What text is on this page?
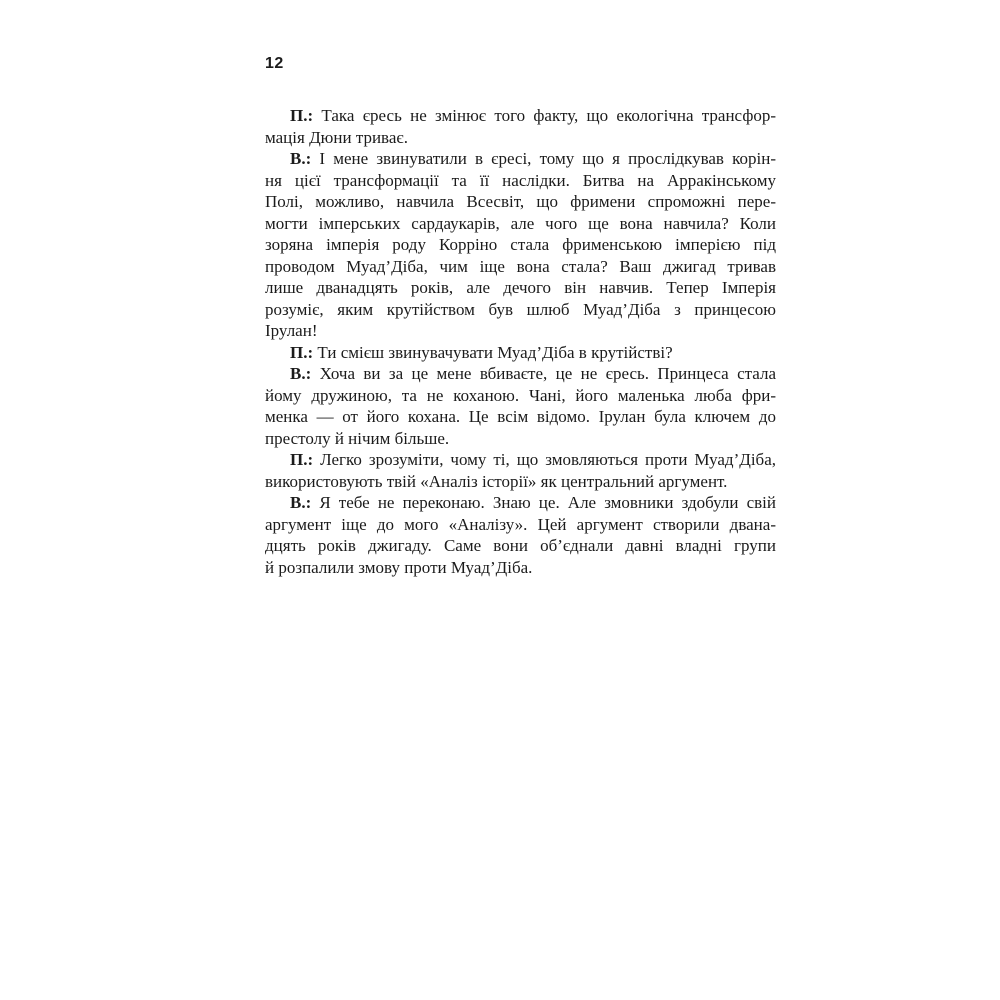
12
П.: Така єресь не змінює того факту, що екологічна трансфор-
мація Дюни триває.
В.: І мене звинуватили в єресі, тому що я прослідкував корін-
ня цієї трансформації та її наслідки. Битва на Арракінському
Полі, можливо, навчила Всесвіт, що фримени спроможні пере-
могти імперських сардаукарів, але чого ще вона навчила? Коли
зоряна імперія роду Корріно стала фрименською імперією під
проводом Муад’Діба, чим іще вона стала? Ваш джигад тривав
лише дванадцять років, але дечого він навчив. Тепер Імперія
розуміє, яким крутійством був шлюб Муад’Діба з принцесою
Ірулан!
П.: Ти смієш звинувачувати Муад’Діба в крутійстві?
В.: Хоча ви за це мене вбиваєте, це не єресь. Принцеса стала
йому дружиною, та не коханою. Чані, його маленька люба фри-
менка — от його кохана. Це всім відомо. Ірулан була ключем до
престолу й нічим більше.
П.: Легко зрозуміти, чому ті, що змовляються проти Муад’Діба,
використовують твій «Аналіз історії» як центральний аргумент.
В.: Я тебе не переконаю. Знаю це. Але змовники здобули свій
аргумент іще до мого «Аналізу». Цей аргумент створили двана-
дцять років джигаду. Саме вони об’єднали давні владні групи
й розпалили змову проти Муад’Діба.
